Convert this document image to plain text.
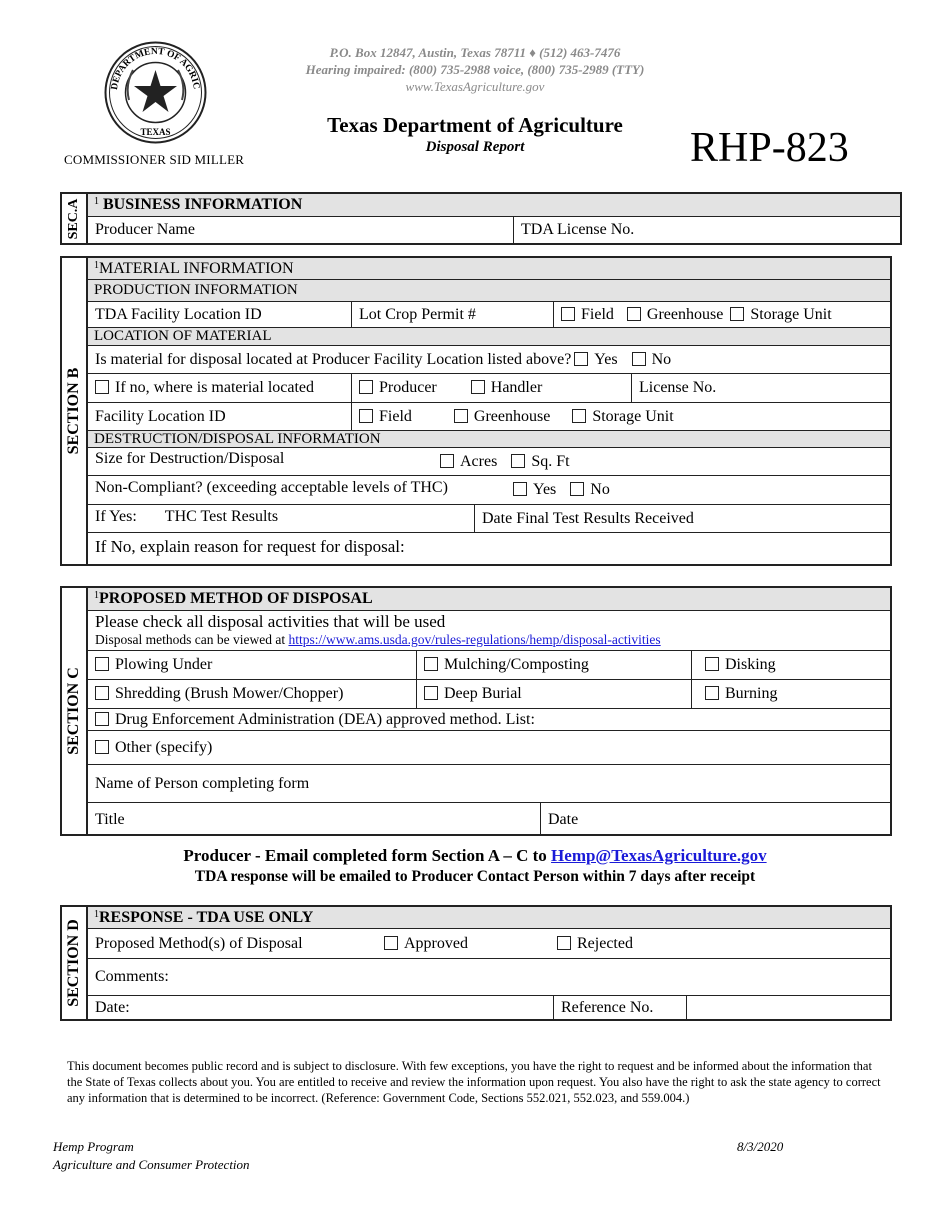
DEPARTMENT OF AGRIC
TEXAS
P.O. Box 12847, Austin, Texas 78711 ♦ (512) 463-7476
Hearing impaired: (800) 735-2988 voice, (800) 735-2989 (TTY)
www.TexasAgriculture.gov
Texas Department of Agriculture
Disposal Report	RHP-823
COMMISSIONER SID MILLER
SEC.A	$^1$ BUSINESS INFORMATION
Producer Name	TDA License No.
SECTION B
$^1$MATERIAL INFORMATION
PRODUCTION INFORMATION
TDA Facility Location ID	Lot Crop Permit #	Field	Greenhouse	Storage Unit
LOCATION OF MATERIAL
Is material for disposal located at Producer Facility Location listed above?	Yes	No
If no, where is material located	Producer	Handler	License No.
Facility Location ID	Field	Greenhouse	Storage Unit
DESTRUCTION/DISPOSAL INFORMATION
Size for Destruction/Disposal	Acres	Sq. Ft
Non-Compliant? (exceeding acceptable levels of THC)	Yes	No
If Yes: THC Test Results	Date Final Test Results Received
If No, explain reason for request for disposal:
SECTION C
$^1$PROPOSED METHOD OF DISPOSAL
Please check all disposal activities that will be used
Disposal methods can be viewed at https://www.ams.usda.gov/rules-regulations/hemp/disposal-activities
Plowing Under	Mulching/Composting	Disking
Shredding (Brush Mower/Chopper)	Deep Burial	Burning
Drug Enforcement Administration (DEA) approved method. List:
Other (specify)
Name of Person completing form
Title	Date
Producer - Email completed form Section A – C to Hemp@TexasAgriculture.gov
TDA response will be emailed to Producer Contact Person within 7 days after receipt
SECTION D
$^1$RESPONSE - TDA USE ONLY
Proposed Method(s) of Disposal	Approved	Rejected
Comments:
Date:	Reference No.
This document becomes public record and is subject to disclosure. With few exceptions, you have the right to request and be informed about the information that the State of Texas collects about you. You are entitled to receive and review the information upon request. You also have the right to ask the state agency to correct any information that is determined to be incorrect. (Reference: Government Code, Sections 552.021, 552.023, and 559.004.)
Hemp Program
Agriculture and Consumer Protection
8/3/2020
